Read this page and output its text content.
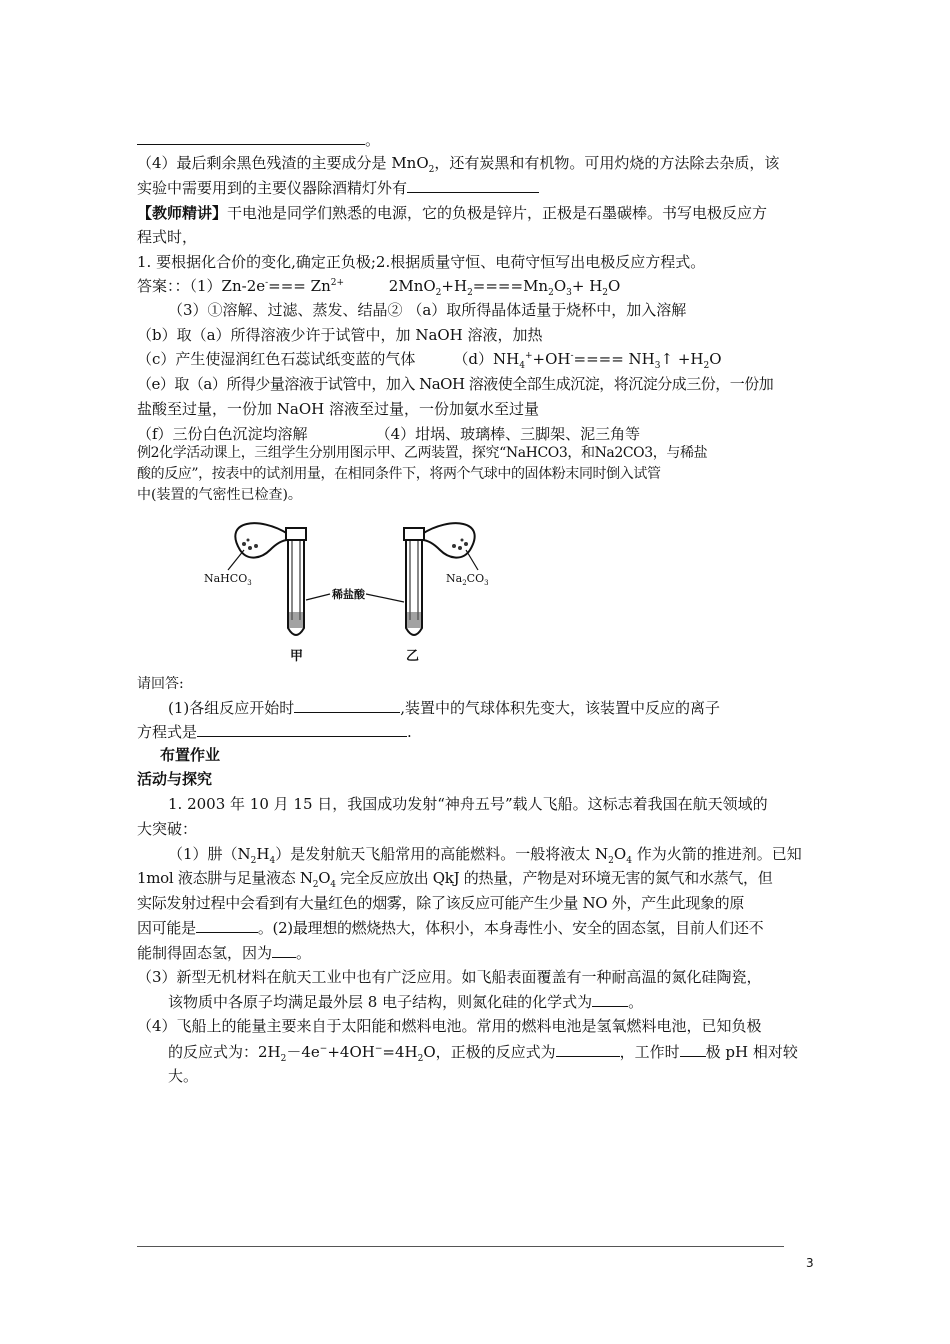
。
（4）最后剩余黑色残渣的主要成分是 MnO$_2$，还有炭黑和有机物。可用灼烧的方法除去杂质，该
实验中需要用到的主要仪器除酒精灯外有
【教师精讲】干电池是同学们熟悉的电源，它的负极是锌片，正极是石墨碳棒。书写电极反应方
程式时，
1. 要根据化合价的变化,确定正负极;2.根据质量守恒、电荷守恒写出电极反应方程式。
答案：：$(1)Zn-2e^-=== Zn^{2+}$	$2MnO_2+H_2====Mn_2O_3+ H_2O$
（3）①溶解、过滤、蒸发、结晶② （a）取所得晶体适量于烧杯中，加入溶解
（b）取（a）所得溶液少许于试管中，加 NaOH 溶液，加热
（c）产生使湿润红色石蕊试纸变蓝的气体	$(d)NH_4^++OH^-====$ $NH_3↑ +H_2O$
（e）取（a）所得少量溶液于试管中，加入 NaOH 溶液使全部生成沉淀，将沉淀分成三份，一份加
盐酸至过量，一份加 NaOH 溶液至过量，一份加氨水至过量
（f）三份白色沉淀均溶解	（4）坩埚、玻璃棒、三脚架、泥三角等
例2化学活动课上，三组学生分别用图示甲、乙两装置，探究“NaHCO3，和Na2CO3，与稀盐
酸的反应”，按表中的试剂用量，在相同条件下，将两个气球中的固体粉末同时倒入试管
中(装置的气密性已检查)。
NaHCO$_3$	$Na_2CO_3$
稀盐酸
甲	乙
请回答:
(1)各组反应开始时	,装置中的气球体积先变大，该装置中反应的离子
方程式是	.
布置作业
活动与探究
1. 2003 年 10 月 15 日，我国成功发射“神舟五号”载人飞船。这标志着我国在航天领域的
大突破：
（1）肼$(N_2H_4)$是发射航天飞船常用的高能燃料。一般将液太 $N_2O_4$ 作为火箭的推进剂。已知
1mol 液态肼与足量液态 $N_2O_4$ 完全反应放出 QkJ 的热量，产物是对环境无害的氮气和水蒸气，但
实际发射过程中会看到有大量红色的烟雾，除了该反应可能产生少量 NO 外，产生此现象的原
因可能是	。(2)最理想的燃烧热大，体积小，本身毒性小、安全的固态氢，目前人们还不
能制得固态氢，因为 。
（3）新型无机材料在航天工业中也有广泛应用。如飞船表面覆盖有一种耐高温的氮化硅陶瓷，
该物质中各原子均满足最外层 8 电子结构，则氮化硅的化学式为 。
（4）飞船上的能量主要来自于太阳能和燃料电池。常用的燃料电池是氢氧燃料电池，已知负极
的反应式为：$2H_2-4e^-+4OH^-=4H_2O$，正极的反应式为	，工作时 极 pH 相对较
大。
3
